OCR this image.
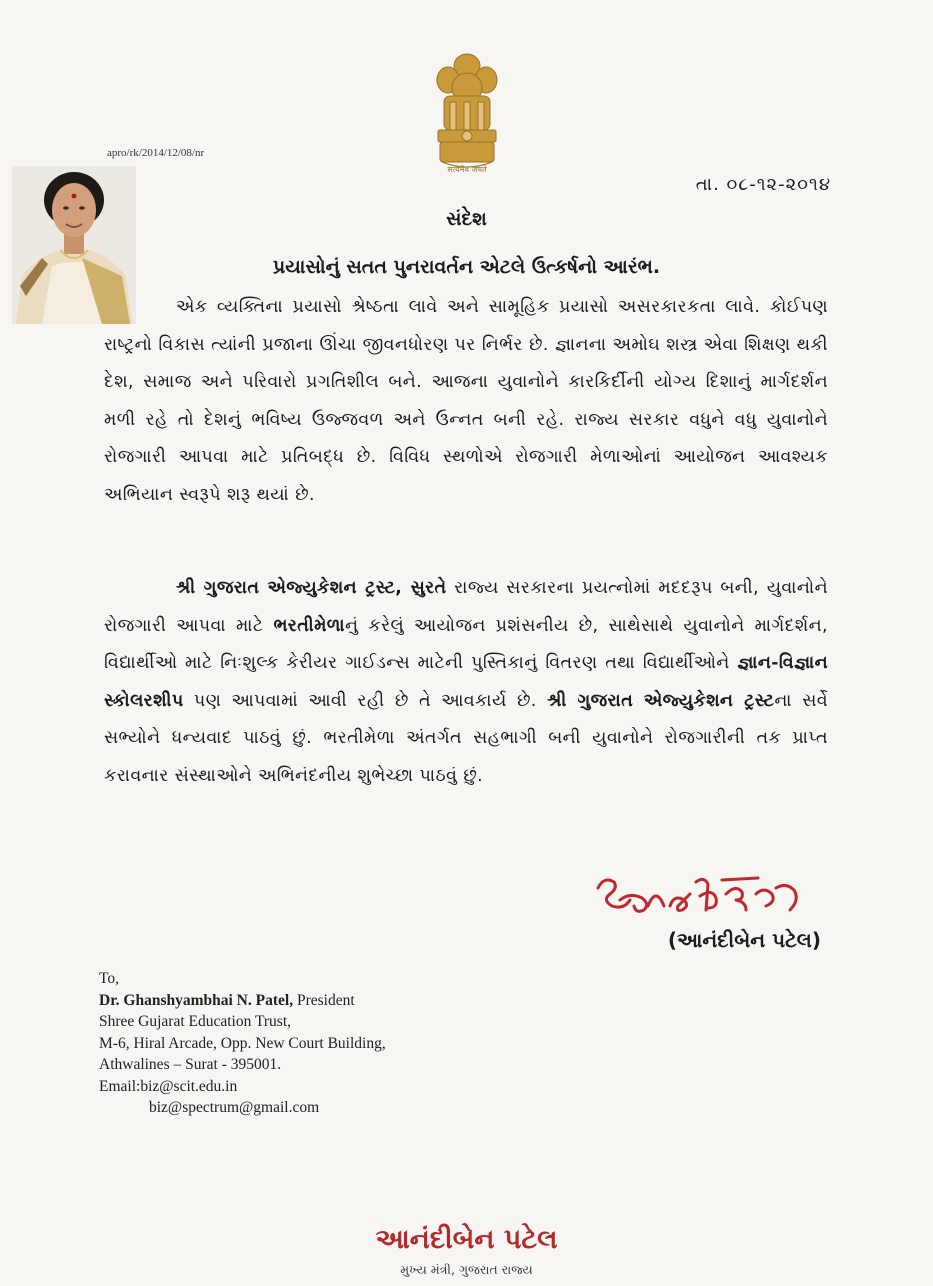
सत्यमेव जयते
apro/rk/2014/12/08/nr
તા. ૦૮-૧૨-૨૦૧૪
સંદેશ
પ્રયાસોનું સતત પુનરાવર્તન એટલે ઉત્કર્ષનો આરંભ.

એક વ્યક્તિના પ્રયાસો શ્રેષ્ઠતા લાવે અને સામૂહિક પ્રયાસો અસરકારકતા લાવે. કોઈપણ રાષ્ટ્રનો વિકાસ ત્યાંની પ્રજાના ઊંચા જીવનધોરણ પર નિર્ભર છે. જ્ઞાનના અમોઘ શસ્ત્ર એવા શિક્ષણ થકી દેશ, સમાજ અને પરિવારો પ્રગતિશીલ બને. આજના યુવાનોને કારકિર્દીની યોગ્ય દિશાનું માર્ગદર્શન મળી રહે તો દેશનું ભવિષ્ય ઉજ્જવળ અને ઉન્નત બની રહે. રાજ્ય સરકાર વધુને વધુ યુવાનોને રોજગારી આપવા માટે પ્રતિબદ્ધ છે. વિવિધ સ્થળોએ રોજગારી મેળાઓનાં આયોજન આવશ્યક અભિયાન સ્વરૂપે શરૂ થયાં છે.

શ્રી ગુજરાત એજ્યુકેશન ટ્રસ્ટ, સુરતે રાજ્ય સરકારના પ્રયત્નોમાં મદદરૂપ બની, યુવાનોને રોજગારી આપવા માટે ભરતીમેળાનું કરેલું આયોજન પ્રશંસનીય છે, સાથેસાથે યુવાનોને માર્ગદર્શન, વિદ્યાર્થીઓ માટે નિઃશુલ્ક કેરીયર ગાઈડન્સ માટેની પુસ્તિકાનું વિતરણ તથા વિદ્યાર્થીઓને જ્ઞાન-વિજ્ઞાન સ્કોલરશીપ પણ આપવામાં આવી રહી છે તે આવકાર્ય છે. શ્રી ગુજરાત એજ્યુકેશન ટ્રસ્ટના સર્વે સભ્યોને ધન્યવાદ પાઠવું છું. ભરતીમેળા અંતર્ગત સહભાગી બની યુવાનોને રોજગારીની તક પ્રાપ્ત કરાવનાર સંસ્થાઓને અભિનંદનીય શુભેચ્છા પાઠવું છું.

(આનંદીબેન પટેલ)
To,
Dr. Ghanshyambhai N. Patel, President
Shree Gujarat Education Trust,
M-6, Hiral Arcade, Opp. New Court Building,
Athwalines – Surat - 395001.
Email:biz@scit.edu.in
biz@spectrum@gmail.com
આનંદીબેન પટેલ
મુખ્ય મંત્રી, ગુજરાત રાજ્ય
